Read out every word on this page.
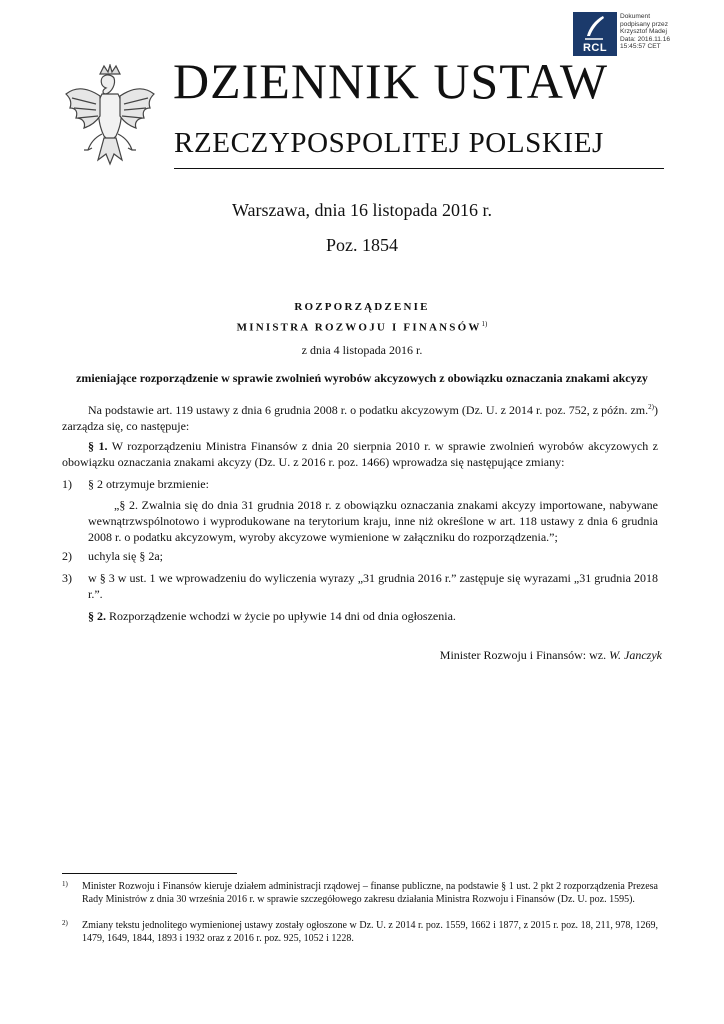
RCL
Dokument
podpisany przez
Krzysztof Madej
Data: 2016.11.16
15:45:57 CET
DZIENNIK USTAW
RZECZYPOSPOLITEJ POLSKIEJ
Warszawa, dnia 16 listopada 2016 r.
Poz. 1854
ROZPORZĄDZENIE
MINISTRA ROZWOJU I FINANSÓW$^{1)}$
z dnia 4 listopada 2016 r.
zmieniające rozporządzenie w sprawie zwolnień wyrobów akcyzowych z obowiązku oznaczania znakami akcyzy
Na podstawie art. 119 ustawy z dnia 6 grudnia 2008 r. o podatku akcyzowym (Dz. U. z 2014 r. poz. 752, z późn. zm.$^{2)}$) zarządza się, co następuje:
§ 1. W rozporządzeniu Ministra Finansów z dnia 20 sierpnia 2010 r. w sprawie zwolnień wyrobów akcyzowych z obowiązku oznaczania znakami akcyzy (Dz. U. z 2016 r. poz. 1466) wprowadza się następujące zmiany:
1) § 2 otrzymuje brzmienie:
„§ 2. Zwalnia się do dnia 31 grudnia 2018 r. z obowiązku oznaczania znakami akcyzy importowane, nabywane wewnątrzwspólnotowo i wyprodukowane na terytorium kraju, inne niż określone w art. 118 ustawy z dnia 6 grudnia 2008 r. o podatku akcyzowym, wyroby akcyzowe wymienione w załączniku do rozporządzenia.”;
2) uchyla się § 2a;
3) w § 3 w ust. 1 we wprowadzeniu do wyliczenia wyrazy „31 grudnia 2016 r.” zastępuje się wyrazami „31 grudnia 2018 r.”.
§ 2. Rozporządzenie wchodzi w życie po upływie 14 dni od dnia ogłoszenia.
Minister Rozwoju i Finansów: wz. W. Janczyk
1) Minister Rozwoju i Finansów kieruje działem administracji rządowej – finanse publiczne, na podstawie § 1 ust. 2 pkt 2 rozporządzenia Prezesa Rady Ministrów z dnia 30 września 2016 r. w sprawie szczegółowego zakresu działania Ministra Rozwoju i Finansów (Dz. U. poz. 1595).
2) Zmiany tekstu jednolitego wymienionej ustawy zostały ogłoszone w Dz. U. z 2014 r. poz. 1559, 1662 i 1877, z 2015 r. poz. 18, 211, 978, 1269, 1479, 1649, 1844, 1893 i 1932 oraz z 2016 r. poz. 925, 1052 i 1228.
